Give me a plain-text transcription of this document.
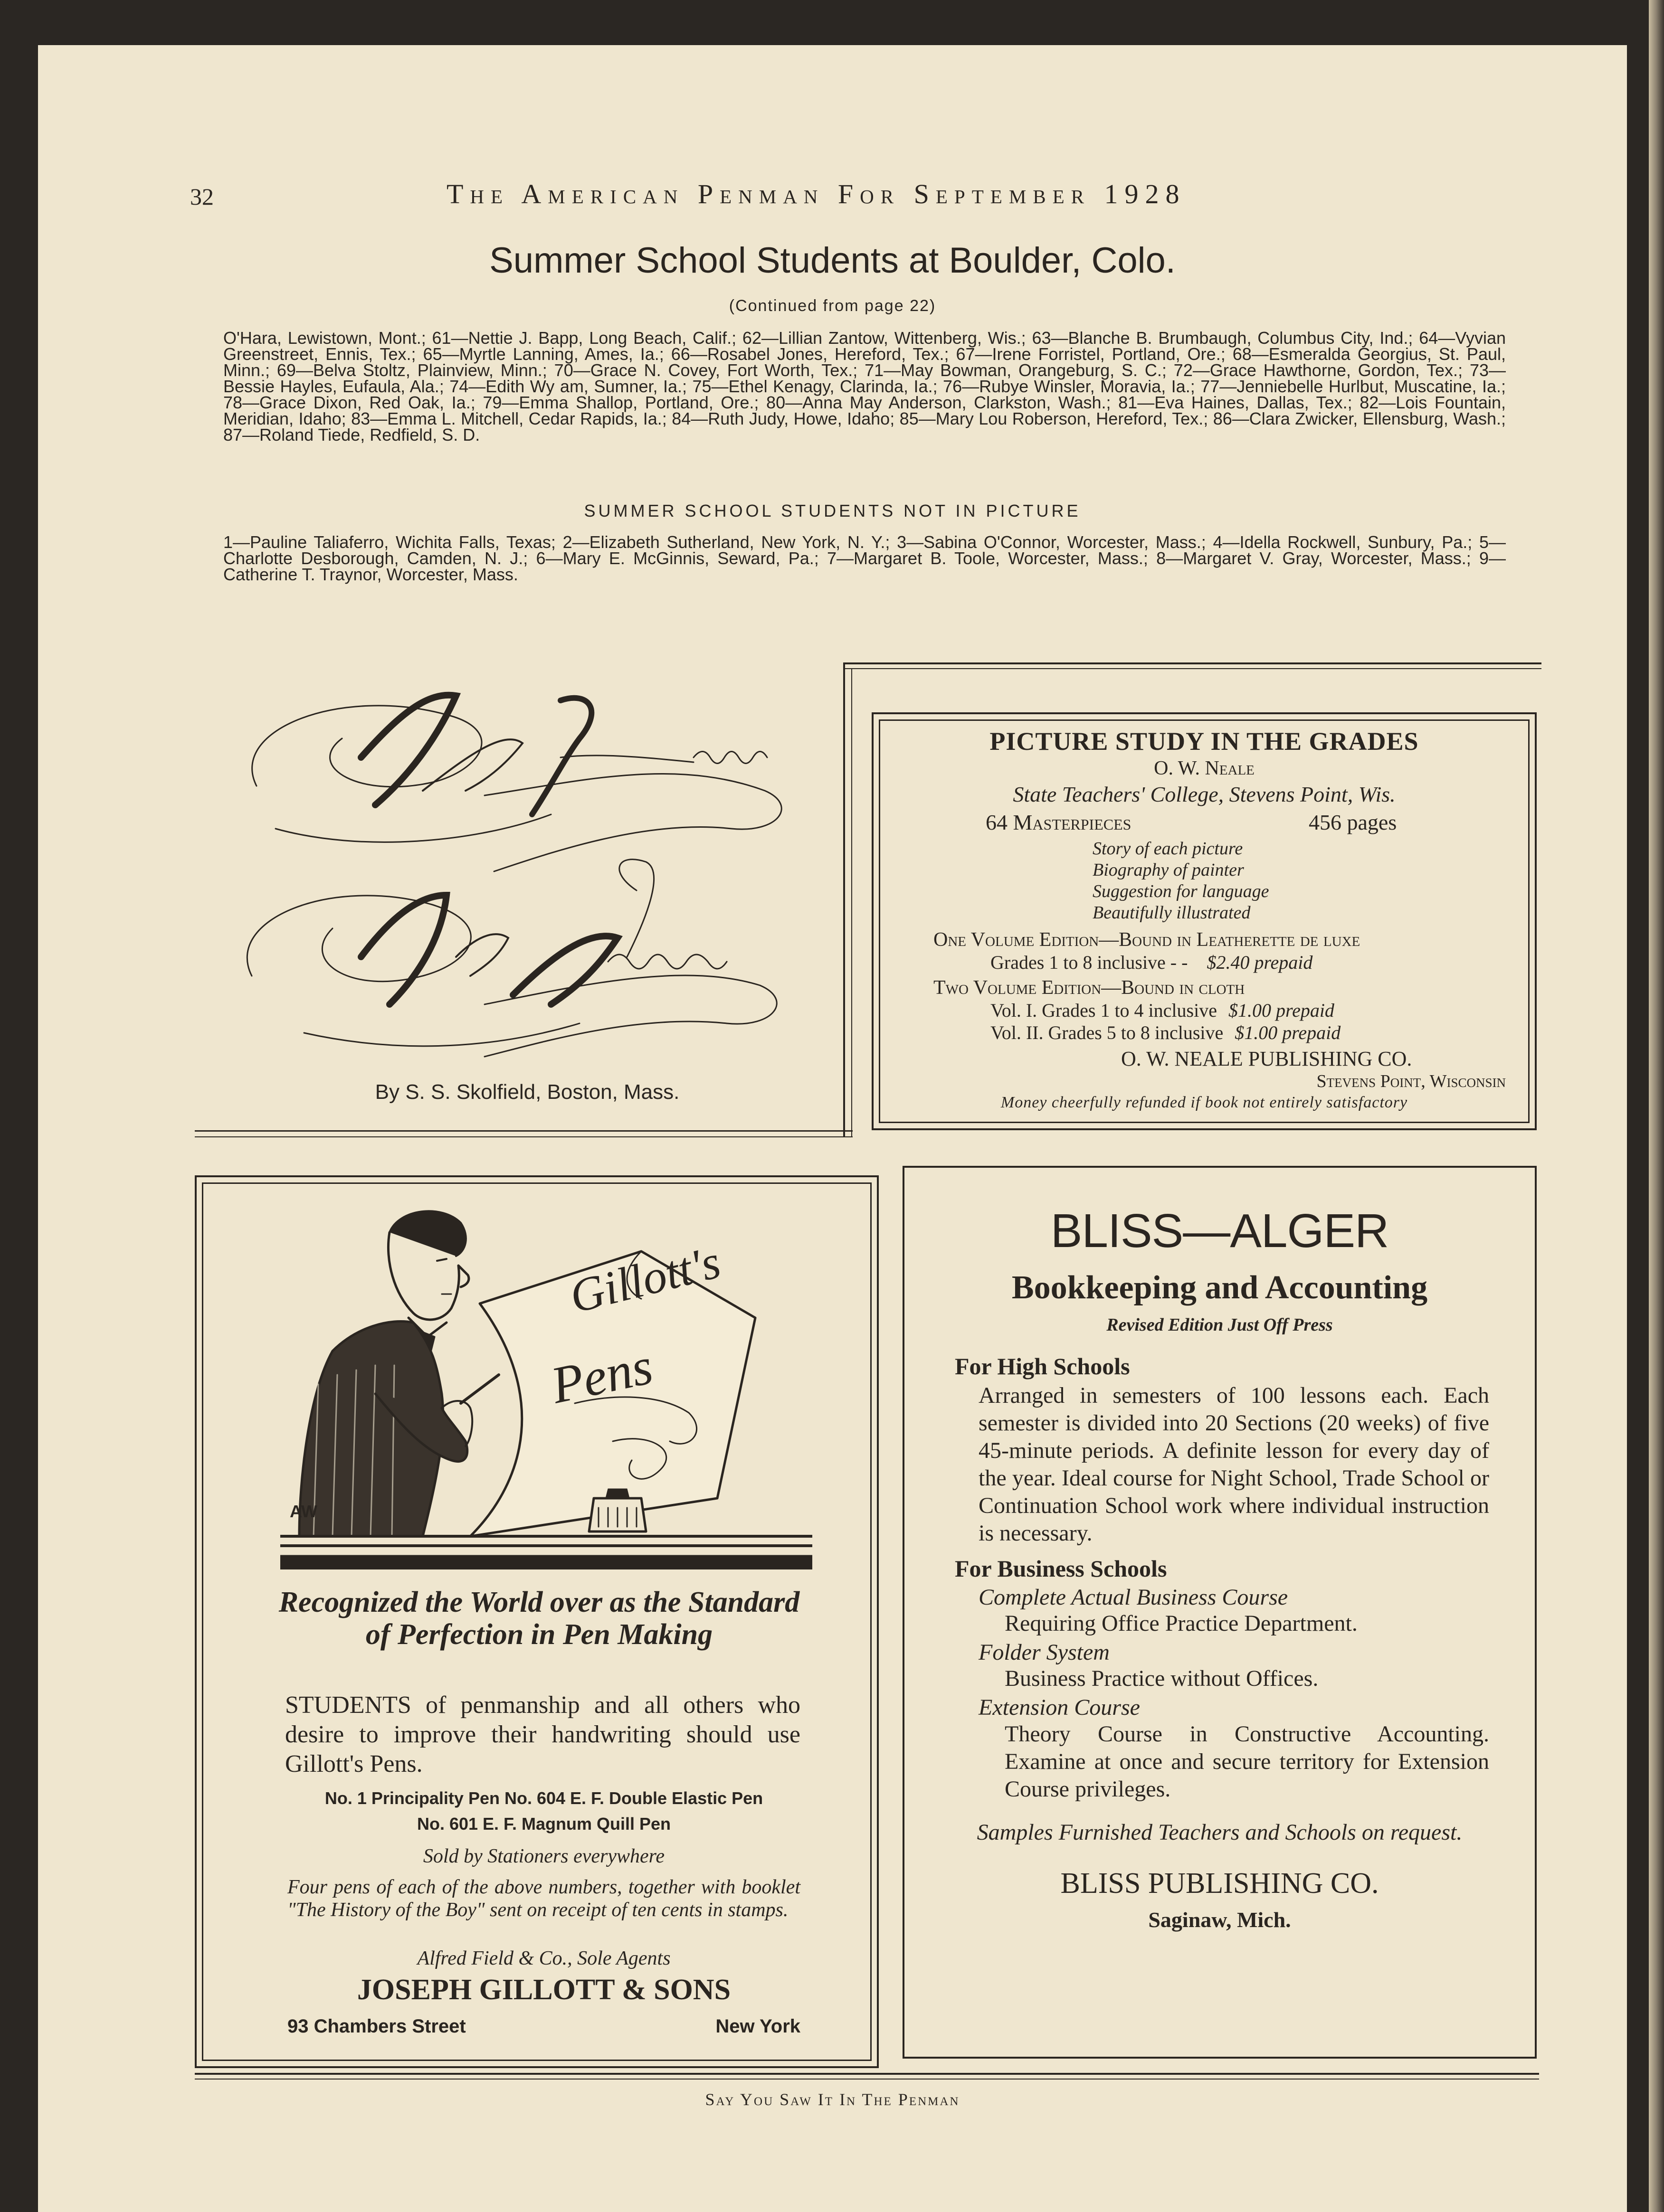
32	The American Penman For September 1928
Summer School Students at Boulder, Colo.
(Continued from page 22)
O'Hara, Lewistown, Mont.; 61—Nettie J. Bapp, Long Beach, Calif.; 62—Lillian Zantow, Wittenberg, Wis.; 63—Blanche B. Brumbaugh, Columbus City, Ind.; 64—Vyvian Greenstreet, Ennis, Tex.; 65—Myrtle Lanning, Ames, Ia.; 66—Rosabel Jones, Hereford, Tex.; 67—Irene Forristel, Portland, Ore.; 68—Esmeralda Georgius, St. Paul, Minn.; 69—Belva Stoltz, Plainview, Minn.; 70—Grace N. Covey, Fort Worth, Tex.; 71—May Bowman, Orangeburg, S. C.; 72—Grace Hawthorne, Gordon, Tex.; 73—Bessie Hayles, Eufaula, Ala.; 74—Edith Wy am, Sumner, Ia.; 75—Ethel Kenagy, Clarinda, Ia.; 76—Rubye Winsler, Moravia, Ia.; 77—Jenniebelle Hurlbut, Muscatine, Ia.; 78—Grace Dixon, Red Oak, Ia.; 79—Emma Shallop, Portland, Ore.; 80—Anna May Anderson, Clarkston, Wash.; 81—Eva Haines, Dallas, Tex.; 82—Lois Fountain, Meridian, Idaho; 83—Emma L. Mitchell, Cedar Rapids, Ia.; 84—Ruth Judy, Howe, Idaho; 85—Mary Lou Roberson, Hereford, Tex.; 86—Clara Zwicker, Ellensburg, Wash.; 87—Roland Tiede, Redfield, S. D.
SUMMER SCHOOL STUDENTS NOT IN PICTURE
1—Pauline Taliaferro, Wichita Falls, Texas; 2—Elizabeth Sutherland, New York, N. Y.; 3—Sabina O'Connor, Worcester, Mass.; 4—Idella Rockwell, Sunbury, Pa.; 5—Charlotte Desborough, Camden, N. J.; 6—Mary E. McGinnis, Seward, Pa.; 7—Margaret B. Toole, Worcester, Mass.; 8—Margaret V. Gray, Worcester, Mass.; 9—Catherine T. Traynor, Worcester, Mass.
By S. S. Skolfield, Boston, Mass.
PICTURE STUDY IN THE GRADES
O. W. Neale
State Teachers' College, Stevens Point, Wis.
64 Masterpieces	456 pages
Story of each picture
Biography of painter
Suggestion for language
Beautifully illustrated
One Volume Edition—Bound in Leatherette de luxe
Grades 1 to 8 inclusive - - $2.40 prepaid
Two Volume Edition—Bound in cloth
Vol. I. Grades 1 to 4 inclusive $1.00 prepaid
Vol. II. Grades 5 to 8 inclusive $1.00 prepaid
O. W. NEALE PUBLISHING CO.
Stevens Point, Wisconsin
Money cheerfully refunded if book not entirely satisfactory
Gillott's
Pens
AW
Recognized the World over as the Standard of Perfection in Pen Making
STUDENTS of penmanship and all others who desire to improve their handwriting should use Gillott's Pens.
No. 1 Principality Pen No. 604 E. F. Double Elastic Pen
No. 601 E. F. Magnum Quill Pen
Sold by Stationers everywhere
Four pens of each of the above numbers, together with booklet "The History of the Boy" sent on receipt of ten cents in stamps.
Alfred Field & Co., Sole Agents
JOSEPH GILLOTT & SONS
93 Chambers Street	New York
BLISS—ALGER
Bookkeeping and Accounting
Revised Edition Just Off Press
For High Schools
Arranged in semesters of 100 lessons each. Each semester is divided into 20 Sections (20 weeks) of five 45-minute periods. A definite lesson for every day of the year. Ideal course for Night School, Trade School or Continuation School work where individual instruction is necessary.
For Business Schools
Complete Actual Business Course
Requiring Office Practice Department.
Folder System
Business Practice without Offices.
Extension Course
Theory Course in Constructive Accounting. Examine at once and secure territory for Extension Course privileges.
Samples Furnished Teachers and Schools on request.
BLISS PUBLISHING CO.
Saginaw, Mich.
Say You Saw It In The Penman
